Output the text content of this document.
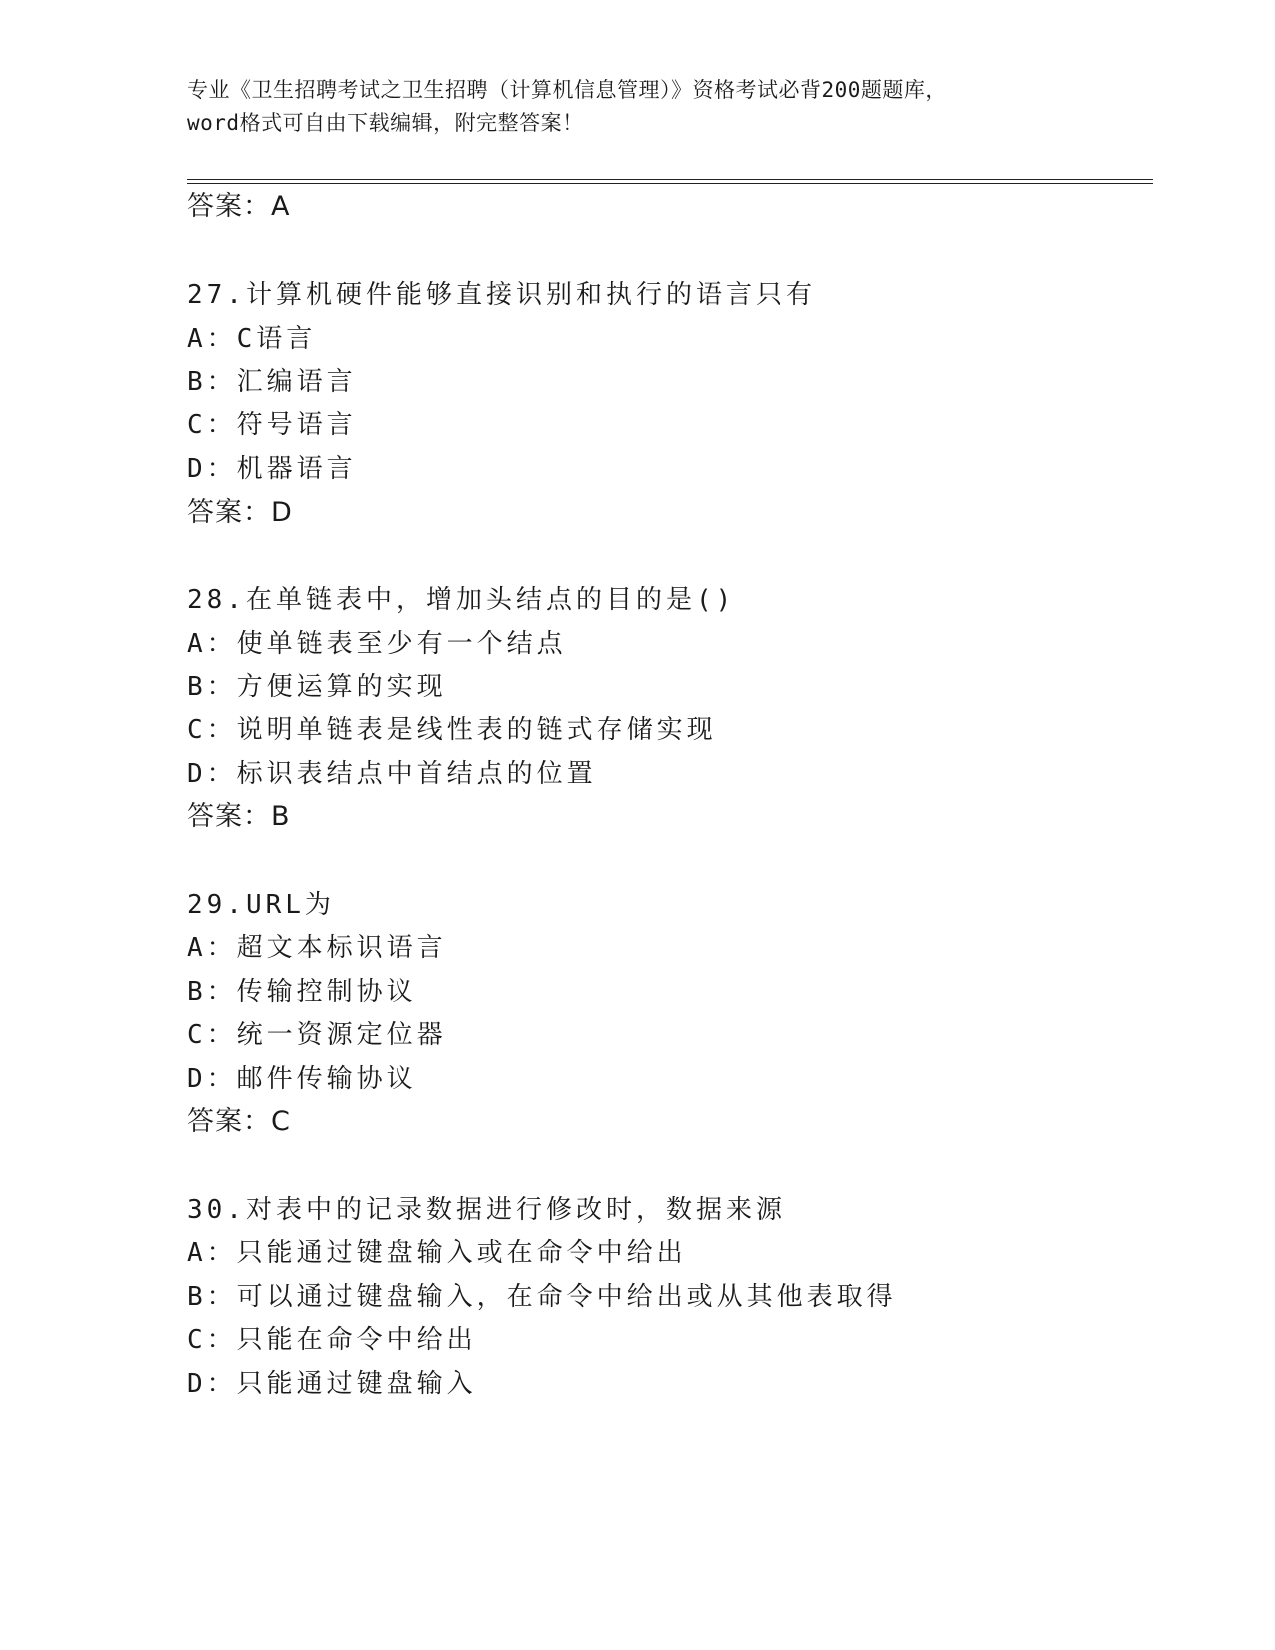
专业《卫生招聘考试之卫生招聘（计算机信息管理）》资格考试必背200题题库，
word格式可自由下载编辑，附完整答案！
答案：A
27.计算机硬件能够直接识别和执行的语言只有
A：C语言
B：汇编语言
C：符号语言
D：机器语言
答案：D
28.在单链表中，增加头结点的目的是()
A：使单链表至少有一个结点
B：方便运算的实现
C：说明单链表是线性表的链式存储实现
D：标识表结点中首结点的位置
答案：B
29.URL为
A：超文本标识语言
B：传输控制协议
C：统一资源定位器
D：邮件传输协议
答案：C
30.对表中的记录数据进行修改时，数据来源
A：只能通过键盘输入或在命令中给出
B：可以通过键盘输入，在命令中给出或从其他表取得
C：只能在命令中给出
D：只能通过键盘输入
